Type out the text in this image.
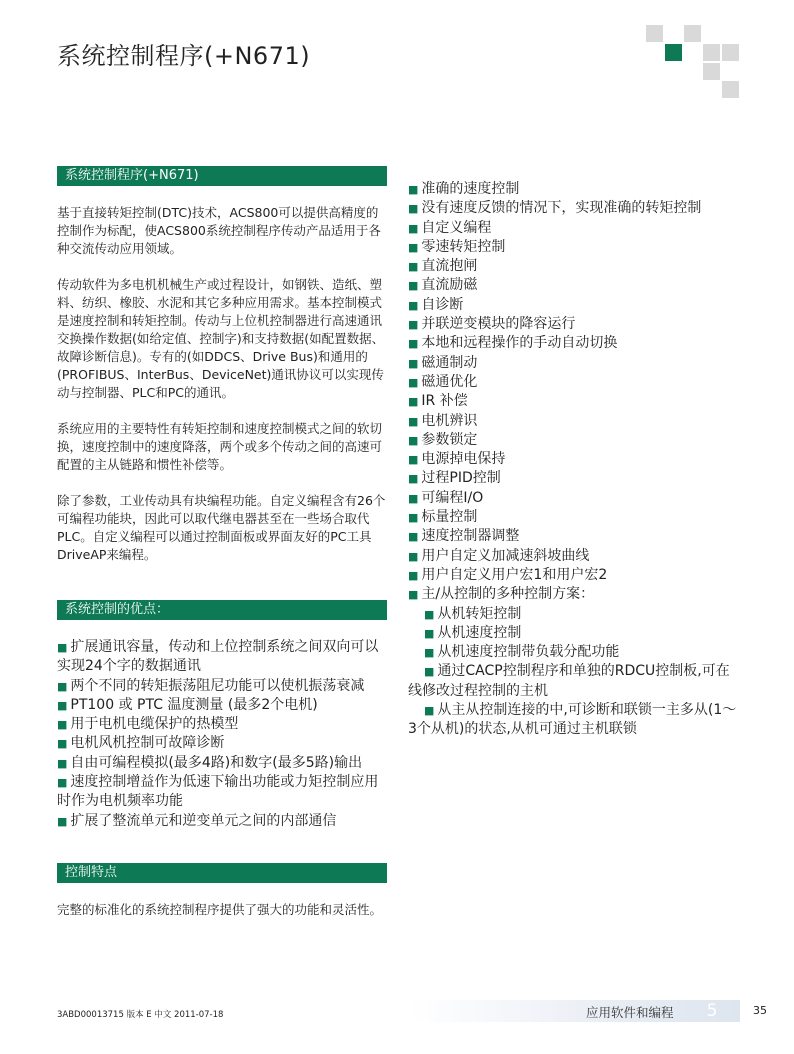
系统控制程序(+N671)
系统控制程序(+N671)

基于直接转矩控制(DTC)技术，ACS800可以提供高精度的控制作为标配，使ACS800系统控制程序传动产品适用于各种交流传动应用领域。

传动软件为多电机机械生产或过程设计，如钢铁、造纸、塑料、纺织、橡胶、水泥和其它多种应用需求。基本控制模式是速度控制和转矩控制。传动与上位机控制器进行高速通讯交换操作数据(如给定值、控制字)和支持数据(如配置数据、故障诊断信息)。专有的(如DDCS、Drive Bus)和通用的(PROFIBUS、InterBus、DeviceNet)通讯协议可以实现传动与控制器、PLC和PC的通讯。

系统应用的主要特性有转矩控制和速度控制模式之间的软切换，速度控制中的速度降落，两个或多个传动之间的高速可配置的主从链路和惯性补偿等。

除了参数，工业传动具有块编程功能。自定义编程含有26个可编程功能块，因此可以取代继电器甚至在一些场合取代PLC。自定义编程可以通过控制面板或界面友好的PC工具DriveAP来编程。

系统控制的优点：
■ 扩展通讯容量，传动和上位控制系统之间双向可以实现24个字的数据通讯
■ 两个不同的转矩振荡阻尼功能可以使机振荡衰减
■ PT100 或 PTC 温度测量 (最多2个电机)
■ 用于电机电缆保护的热模型
■ 电机风机控制可故障诊断
■ 自由可编程模拟(最多4路)和数字(最多5路)输出
■ 速度控制增益作为低速下输出功能或力矩控制应用时作为电机频率功能
■ 扩展了整流单元和逆变单元之间的内部通信
控制特点

完整的标准化的系统控制程序提供了强大的功能和灵活性。

■ 准确的速度控制
■ 没有速度反馈的情况下，实现准确的转矩控制
■ 自定义编程
■ 零速转矩控制
■ 直流抱闸
■ 直流励磁
■ 自诊断
■ 并联逆变模块的降容运行
■ 本地和远程操作的手动自动切换
■ 磁通制动
■ 磁通优化
■ IR 补偿
■ 电机辨识
■ 参数锁定
■ 电源掉电保持
■ 过程PID控制
■ 可编程I/O
■ 标量控制
■ 速度控制器调整
■ 用户自定义加减速斜坡曲线
■ 用户自定义用户宏1和用户宏2
■ 主/从控制的多种控制方案：
■ 从机转矩控制
■ 从机速度控制
■ 从机速度控制带负载分配功能
■ 通过CACP控制程序和单独的RDCU控制板,可在线修改过程控制的主机
■ 从主从控制连接的中,可诊断和联锁一主多从(1～3个从机)的状态,从机可通过主机联锁
3ABD00013715 版本 E 中文 2011-07-18	应用软件和编程	5	35
